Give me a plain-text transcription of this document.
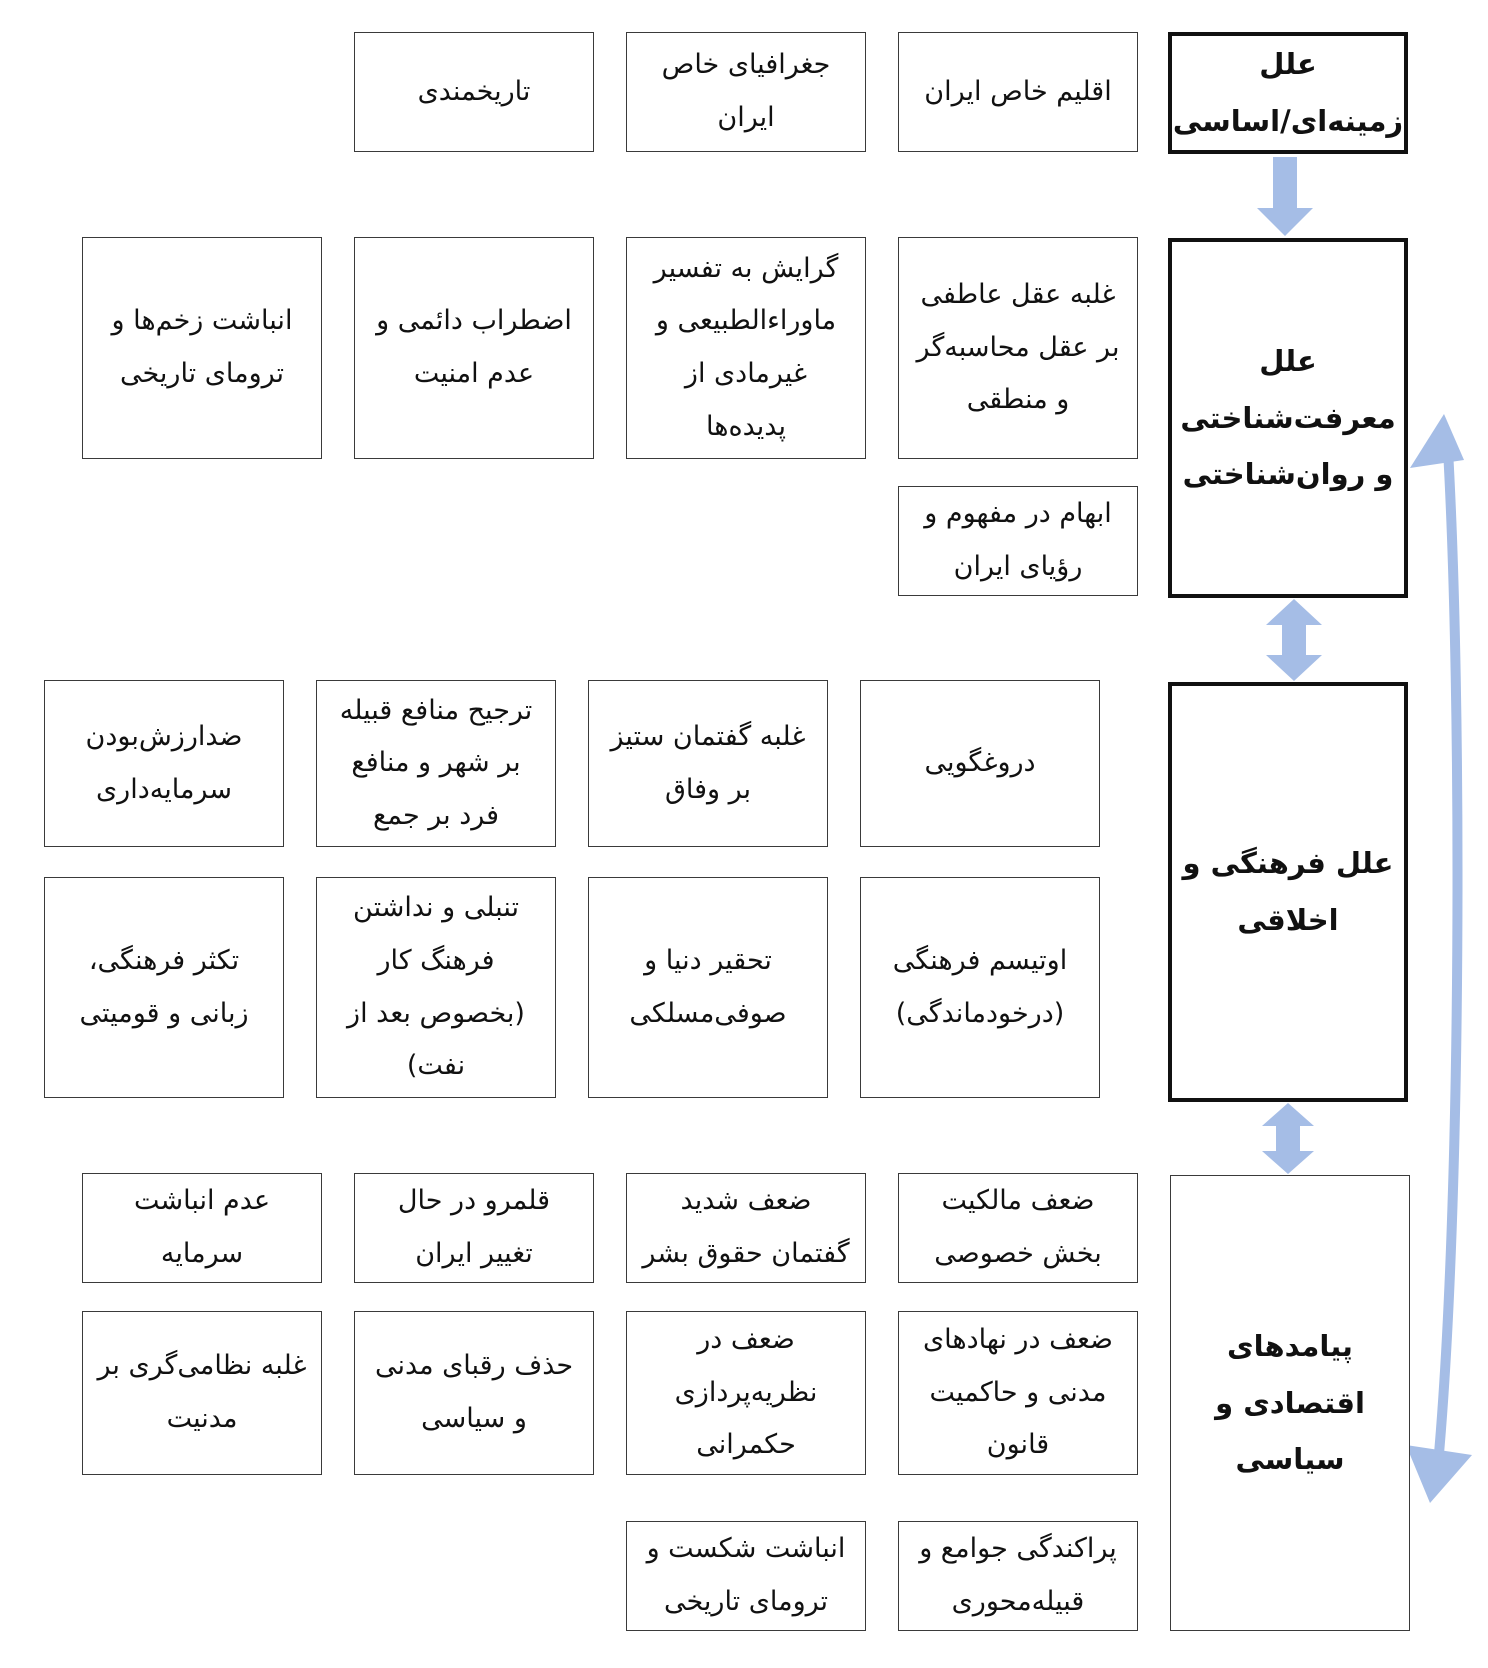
علل
زمینه‌ای/اساسی
علل
معرفت‌شناختی
و روان‌شناختی
علل فرهنگی و
اخلاقی
پیامدهای
اقتصادی و
سیاسی
اقلیم خاص ایران
جغرافیای خاص
ایران
تاریخمندی
غلبه عقل عاطفی
بر عقل محاسبه‌گر
و منطقی
گرایش به تفسیر
ماوراءالطبیعی و
غیرمادی از
پدیده‌ها
اضطراب دائمی و
عدم امنیت
انباشت زخم‌ها و
ترومای تاریخی
ابهام در مفهوم و
رؤیای ایران
دروغگویی
غلبه گفتمان ستیز
بر وفاق
ترجیح منافع قبیله
بر شهر و منافع
فرد بر جمع
ضدارزش‌بودن
سرمایه‌داری
اوتیسم فرهنگی
(درخودماندگی)
تحقیر دنیا و
صوفی‌مسلکی
تنبلی و نداشتن
فرهنگ کار
(بخصوص بعد از
نفت)
تکثر فرهنگی،
زبانی و قومیتی
ضعف مالکیت
بخش خصوصی
ضعف شدید
گفتمان حقوق بشر
قلمرو در حال
تغییر ایران
عدم انباشت
سرمایه
ضعف در نهادهای
مدنی و حاکمیت
قانون
ضعف در
نظریه‌پردازی
حکمرانی
حذف رقبای مدنی
و سیاسی
غلبه نظامی‌گری بر
مدنیت
پراکندگی جوامع و
قبیله‌محوری
انباشت شکست و
ترومای تاریخی
